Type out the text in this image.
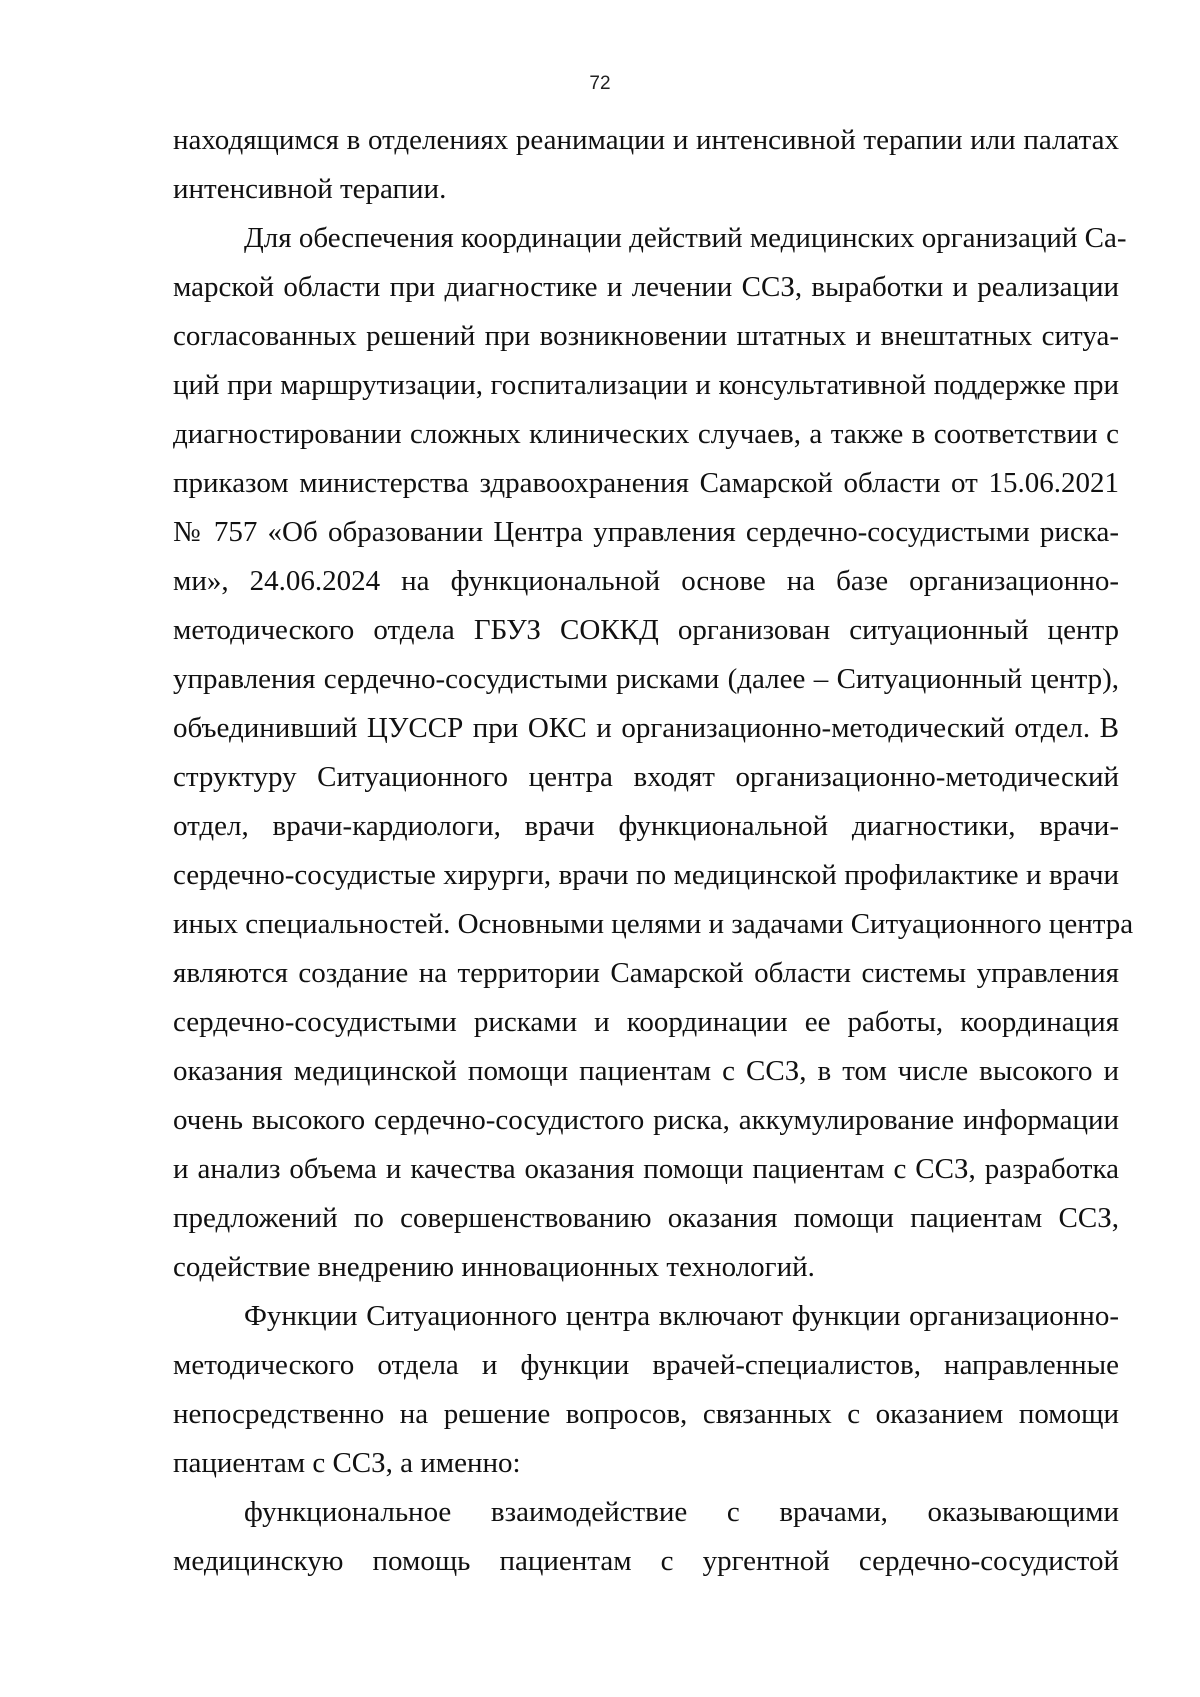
72
находящимся в отделениях реанимации и интенсивной терапии или палатах
интенсивной терапии.
Для обеспечения координации действий медицинских организаций Са-
марской области при диагностике и лечении ССЗ, выработки и реализации
согласованных решений при возникновении штатных и внештатных ситуа-
ций при маршрутизации, госпитализации и консультативной поддержке при
диагностировании сложных клинических случаев, а также в соответствии с
приказом министерства здравоохранения Самарской области от 15.06.2021
№ 757 «Об образовании Центра управления сердечно-сосудистыми риска-
ми», 24.06.2024 на функциональной основе на базе организационно-
методического отдела ГБУЗ СОККД организован ситуационный центр
управления сердечно-сосудистыми рисками (далее – Ситуационный центр),
объединивший ЦУССР при ОКС и организационно-методический отдел. В
структуру Ситуационного центра входят организационно-методический
отдел, врачи-кардиологи, врачи функциональной диагностики, врачи-
сердечно-сосудистые хирурги, врачи по медицинской профилактике и врачи
иных специальностей. Основными целями и задачами Ситуационного центра
являются создание на территории Самарской области системы управления
сердечно-сосудистыми рисками и координации ее работы, координация
оказания медицинской помощи пациентам с ССЗ, в том числе высокого и
очень высокого сердечно-сосудистого риска, аккумулирование информации
и анализ объема и качества оказания помощи пациентам с ССЗ, разработка
предложений по совершенствованию оказания помощи пациентам ССЗ,
содействие внедрению инновационных технологий.
Функции Ситуационного центра включают функции организационно-
методического отдела и функции врачей-специалистов, направленные
непосредственно на решение вопросов, связанных с оказанием помощи
пациентам с ССЗ, а именно:
функциональное взаимодействие с врачами, оказывающими
медицинскую помощь пациентам с ургентной сердечно-сосудистой
